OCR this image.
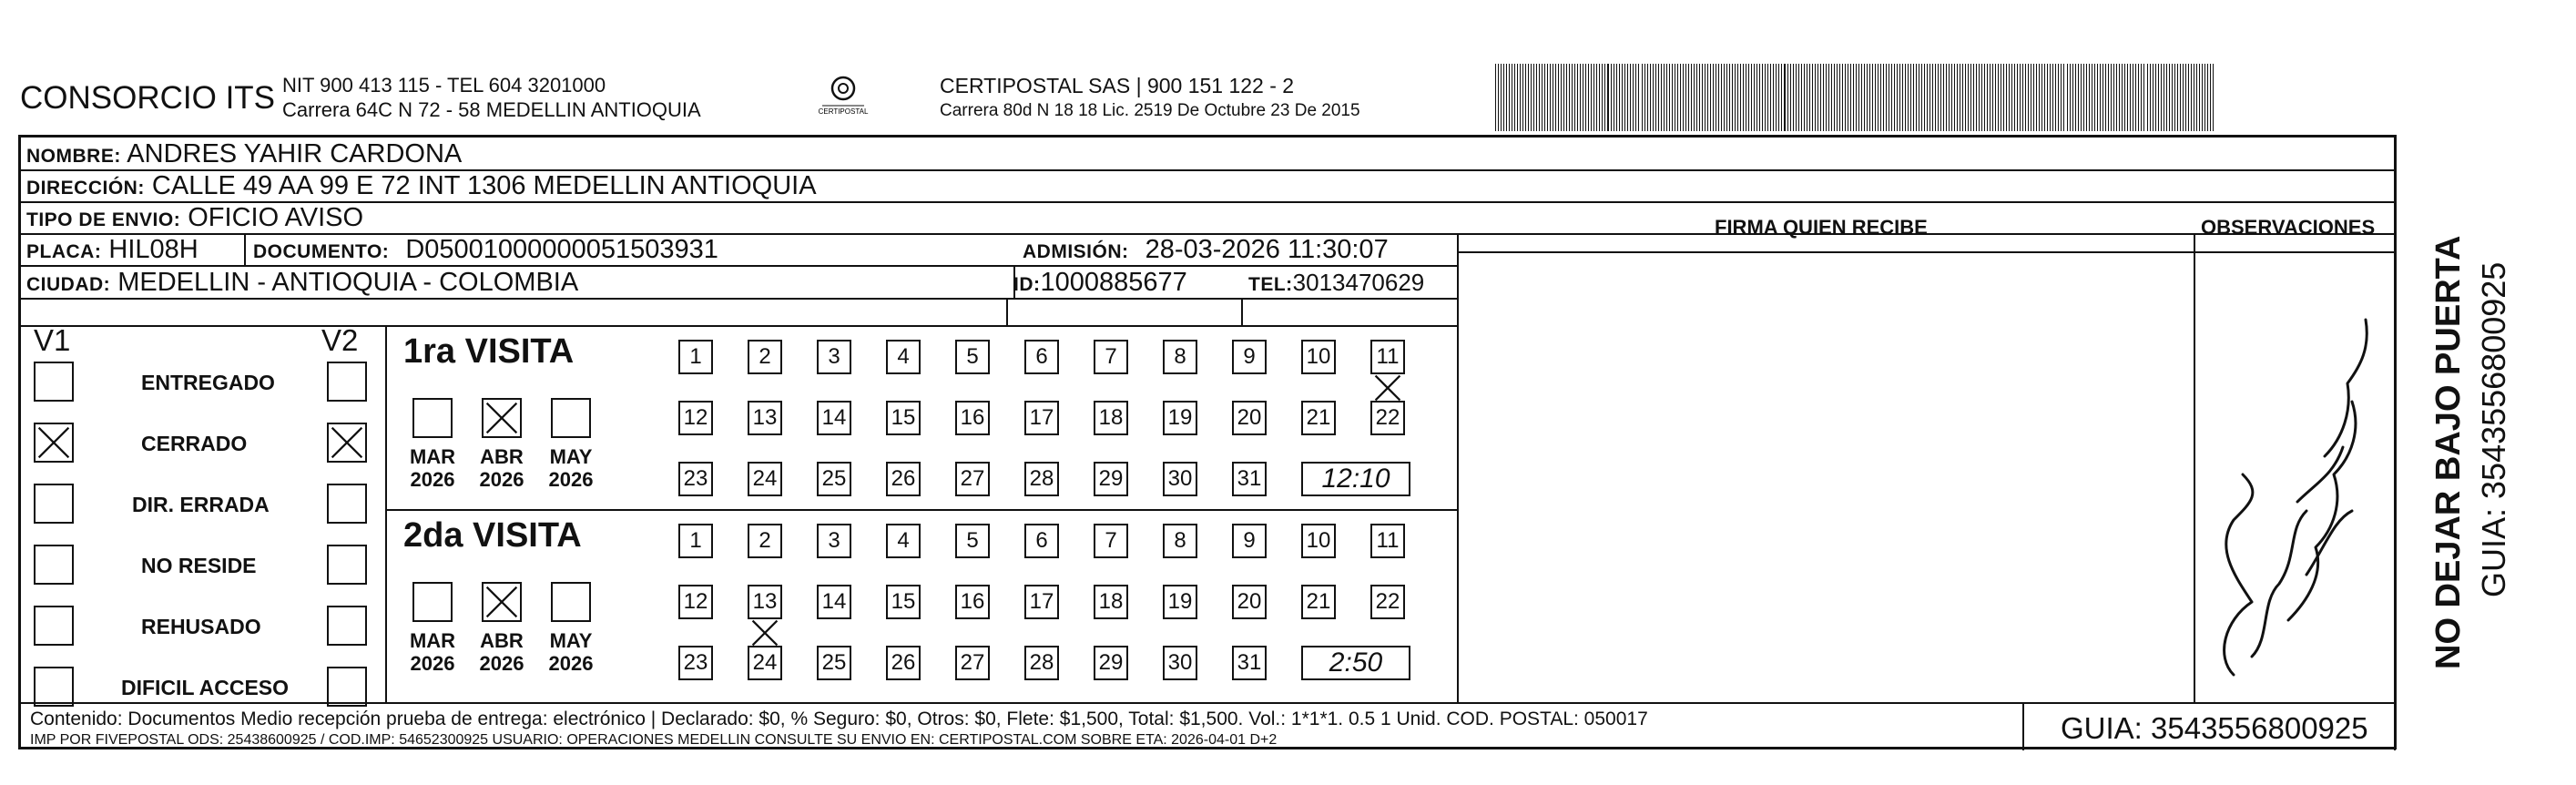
CONSORCIO ITS NIT 900 413 115 - TEL 604 3201000
Carrera 64C N 72 - 58 MEDELLIN ANTIOQUIA	CERTIPOSTAL
CERTIPOSTAL SAS | 900 151 122 - 2
Carrera 80d N 18 18 Lic. 2519 De Octubre 23 De 2015
NOMBRE: ANDRES YAHIR CARDONA
DIRECCIÓN: CALLE 49 AA 99 E 72 INT 1306 MEDELLIN ANTIOQUIA
TIPO DE ENVIO: OFICIO AVISO
PLACA: HIL08H	DOCUMENTO: D05001000000051503931	ADMISIÓN: 28-03-2026 11:30:07
CIUDAD: MEDELLIN - ANTIOQUIA - COLOMBIA	ID:1000885677	TEL:3013470629
FIRMA QUIEN RECIBE	OBSERVACIONES
V1	V2
ENTREGADO
CERRADO
DIR. ERRADA
NO RESIDE
REHUSADO
DIFICIL ACCESO
1ra VISITA
MAR
2026
ABR
2026
MAY
2026
1	2	3	4	5	6	7	8	9	10 11
12 13 14 15 16 17 18 19 20 21 22
23 24 25 26 27 28 29 30 31	12:10
2da VISITA
MAR
2026
ABR
2026
MAY
2026
1	2	3	4	5	6	7	8	9	10 11
12 13 14 15 16 17 18 19 20 21 22
23 24 25 26 27 28 29 30 31	2:50
Contenido: Documentos Medio recepción prueba de entrega: electrónico | Declarado: $0, % Seguro: $0, Otros: $0, Flete: $1,500, Total: $1,500. Vol.: 1*1*1. 0.5 1 Unid. COD. POSTAL: 050017
IMP POR FIVEPOSTAL ODS: 25438600925 / COD.IMP: 54652300925 USUARIO: OPERACIONES MEDELLIN CONSULTE SU ENVIO EN: CERTIPOSTAL.COM SOBRE ETA: 2026-04-01 D+2	GUIA: 3543556800925
NO DEJAR BAJO PUERTA GUIA: 3543556800925
